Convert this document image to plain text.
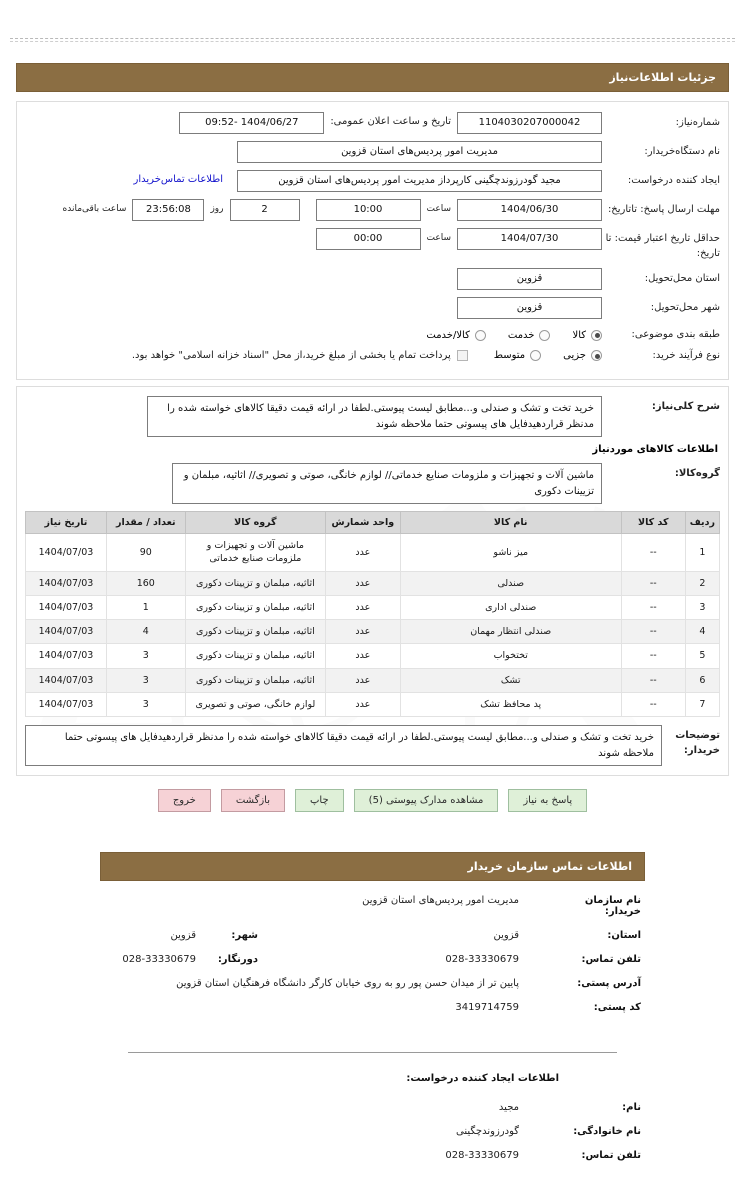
جزئیات اطلاعات‌نیاز
شماره‌نیاز:
1104030207000042
تاریخ و ساعت اعلان عمومی:
1404/06/27 -09:52
نام دستگاه‌خریدار:
مدیریت امور پردیس‌های استان قزوین
ایجاد کننده درخواست:
مجید گودرزوندچگینی کارپرداز مدیریت امور پردیس‌های استان قزوین
اطلاعات تماس‌خریدار
مهلت ارسال پاسخ: تاتاریخ:
1404/06/30
ساعت
10:00
2
روز
23:56:08
ساعت باقی‌مانده
حداقل تاریخ اعتبار قیمت: تا تاریخ:
1404/07/30
ساعت
00:00
استان محل‌تحویل:
قزوین
شهر محل‌تحویل:
قزوین
طبقه بندی موضوعی:
کالا
خدمت
کالا/خدمت
نوع فرآیند خرید:
جزیی
متوسط
پرداخت تمام یا بخشی از مبلغ خرید،از محل "اسناد خزانه اسلامی" خواهد بود.
شرح کلی‌نیاز:
خرید تخت و تشک و صندلی و...مطابق لیست پیوستی.لطفا در ارائه قیمت دقیقا کالاهای خواسته شده را مدنظر قراردهیدفایل های پیسوتی حتما ملاحظه شوند
اطلاعات کالاهای موردنیاز
گروه‌کالا:
ماشین آلات و تجهیزات و ملزومات صنایع خدماتی// لوازم خانگی، صوتی و تصویری// اثاثیه، مبلمان و تزیینات دکوری
ردیف	کد کالا	نام کالا	واحد شمارش	گروه کالا	تعداد / مقدار	تاریخ نیاز
1	--	میز ناشو	عدد	ماشین آلات و تجهیزات و ملزومات صنایع خدماتی	90	1404/07/03
2	--	صندلی	عدد	اثاثیه، مبلمان و تزیینات دکوری	160	1404/07/03
3	--	صندلی اداری	عدد	اثاثیه، مبلمان و تزیینات دکوری	1	1404/07/03
4	--	صندلی انتظار مهمان	عدد	اثاثیه، مبلمان و تزیینات دکوری	4	1404/07/03
5	--	تختخواب	عدد	اثاثیه، مبلمان و تزیینات دکوری	3	1404/07/03
6	--	تشک	عدد	اثاثیه، مبلمان و تزیینات دکوری	3	1404/07/03
7	--	پد محافظ تشک	عدد	لوازم خانگی، صوتی و تصویری	3	1404/07/03
توضیحات خریدار:
خرید تخت و تشک و صندلی و...مطابق لیست پیوستی.لطفا در ارائه قیمت دقیقا کالاهای خواسته شده را مدنظر قراردهیدفایل های پیسوتی حتما ملاحظه شوند
پاسخ به نیاز
مشاهده مدارک پیوستی (5)
چاپ
بازگشت
خروج
اطلاعات تماس سازمان خریدار
نام سازمان خریدار:
مدیریت امور پردیس‌های استان قزوین
استان:
قزوین
شهر:
قزوین
تلفن تماس:
028-33330679
دورنگار:
028-33330679
آدرس پستی:
پایین تر از میدان حسن پور رو به روی خیابان کارگر دانشگاه فرهنگیان استان قزوین
کد پستی:
3419714759
اطلاعات ایجاد کننده درخواست:
نام:
مجید
نام خانوادگی:
گودرزوندچگینی
تلفن تماس:
028-33330679
